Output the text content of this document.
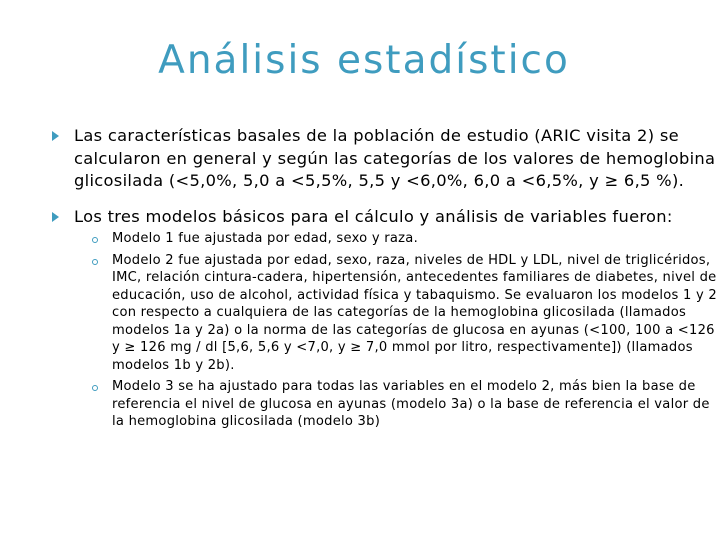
Análisis estadístico
Las características basales de la población de estudio (ARIC visita 2) se calcularon en general y según las categorías de los valores de hemoglobina glicosilada (<5,0%, 5,0 a <5,5%, 5,5 y <6,0%, 6,0 a <6,5%, y ≥ 6,5 %).
Los tres modelos básicos para el cálculo y análisis de variables fueron:
Modelo 1 fue ajustada por edad, sexo y raza.
Modelo 2 fue ajustada por edad, sexo, raza, niveles de HDL y LDL, nivel de triglicéridos, IMC, relación cintura-cadera, hipertensión, antecedentes familiares de diabetes, nivel de educación, uso de alcohol, actividad física y tabaquismo. Se evaluaron los modelos 1 y 2 con respecto a cualquiera de las categorías de la hemoglobina glicosilada (llamados modelos 1a y 2a) o la norma de las categorías de glucosa en ayunas (<100, 100 a <126 y ≥ 126 mg / dl [5,6, 5,6 y <7,0, y ≥ 7,0 mmol por litro, respectivamente]) (llamados modelos 1b y 2b).
Modelo 3 se ha ajustado para todas las variables en el modelo 2, más bien la base de referencia el nivel de glucosa en ayunas (modelo 3a) o la base de referencia el valor de la hemoglobina glicosilada (modelo 3b)
